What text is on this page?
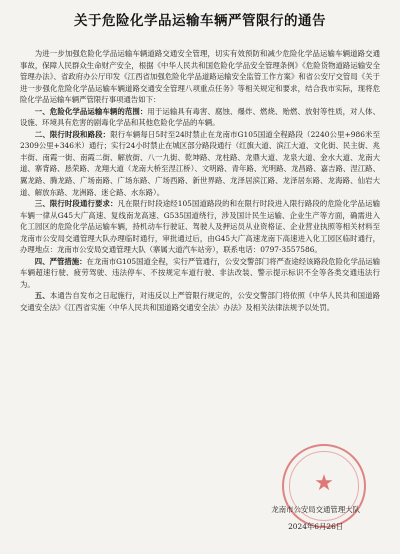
关于危险化学品运输车辆严管限行的通告

为进一步加强危险化学品运输车辆道路交通安全管理，切实有效预防和减少危险化学品运输车辆道路交通事故，保障人民群众生命财产安全，根据《中华人民共和国危险化学品安全管理条例》《危险货物道路运输安全管理办法》、省政府办公厅印发《江西省加强危险化学品道路运输安全监管工作方案》和省公安厅交管局《关于进一步强化危险化学品运输车辆道路交通安全管理八项重点任务》等相关规定和要求，结合我市实际，现将危险化学品运输车辆严管限行事项通告如下：

一、危险化学品运输车辆的范围：用于运输具有毒害、腐蚀、爆炸、燃烧、贻燃、放射等性质，对人体、设施、环境具有危害的剧毒化学品和其他危险化学品的车辆。

二、限行时段和路段：限行车辆每日5时至24时禁止在龙南市G105国道全程路段（2240公里+986米至2309公里+346米）通行；实行24小时禁止在城区部分路段通行（红旗大道、滨江大道、文化街、民主街、兆丰街、南霞一街、南霞二街、解放街、八一九街、乾坤路、龙柱路、龙鼎大道、龙泉大道、金水大道、龙南大道、寨背路、恳荣路、龙翔大道（龙南大桥至涅江桥）、文明路、青年路、光明路、龙昌路、嘉吉路、涅江路、翼龙路、腾龙路、广场南路、广场东路、广场西路、新世界路、龙泽居滨江路、龙泽居东路、龙海路、仙岩大道、解放东路、龙洲路、迷仑路、水东路）。

三、限行时段通行要求：凡在限行时段途经105国道路段的和在限行时段进入限行路段的危险化学品运输车辆一律从G45大广高速、复线南龙高速、G535国道绕行，涉及国计民生运输、企业生产等方面，确需进入化工园区的危险化学品运输车辆，持机动车行驶证、驾驶人及押运员从业资格证、企业营业执照等相关材料至龙南市公安局交通管理大队办理临时通行，审批通过后，由G45大广高速龙南下高速进入化工园区临时通行，办理地点：龙南市公安局交通管理大队（寨属大道汽车站旁），联系电话：0797-3557586。

四、严管措施：在龙南市G105国道全程，实行严管通行，公安交警部门将严查途经该路段危险化学品运输车辆超速行驶、疲劳驾驶、违法停车、不按规定车道行驶、非法改装、警示提示标识不全等各类交通违法行为。

五、本通告自发布之日起施行，对违反以上严管限行规定的，公安交警部门将依照《中华人民共和国道路交通安全法》《江西省实施〈中华人民共和国道路交通安全法〉办法》及相关法律法规予以处罚。

★
龙南市公安局交通管理大队
2024年6月26日
